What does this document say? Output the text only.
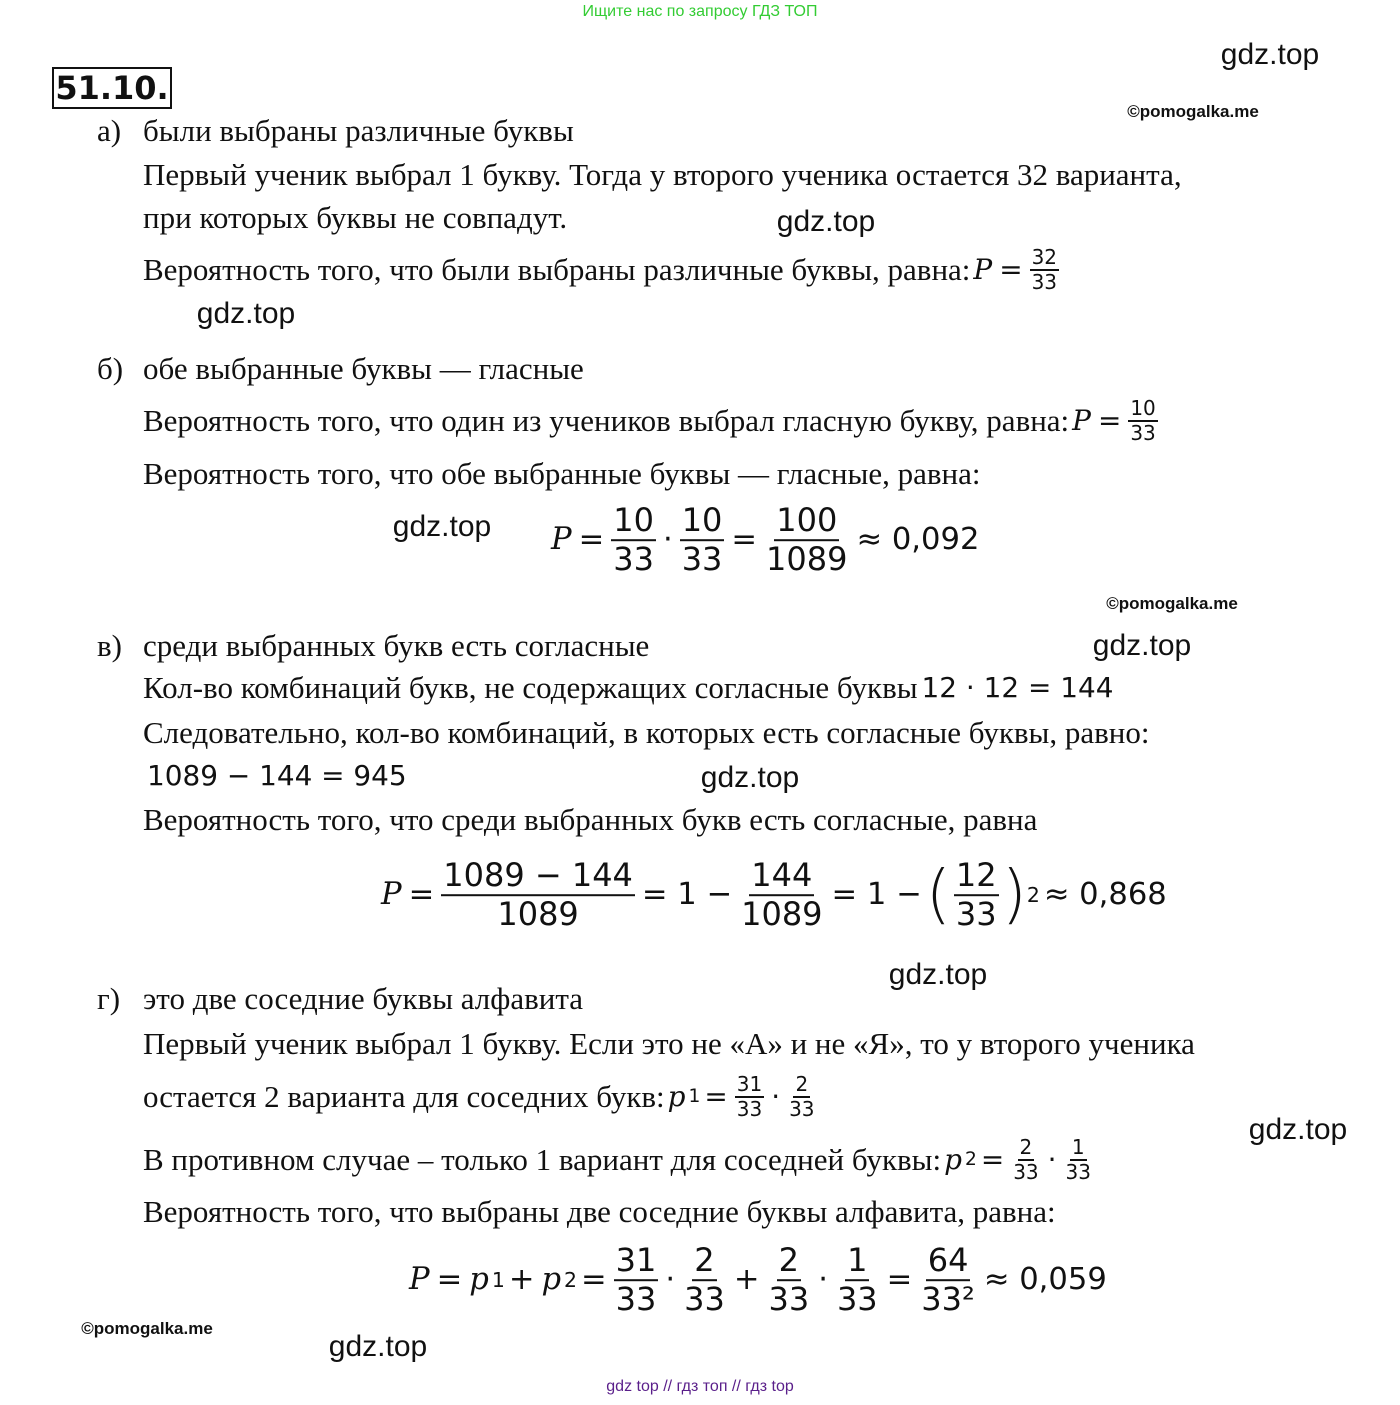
Ищите нас по запросу ГДЗ ТОП
51.10.
а)
б)
в)
г)
были выбраны различные буквы
Первый ученик выбрал 1 букву. Тогда у второго ученика остается 32 варианта,
при которых буквы не совпадут.
Вероятность того, что были выбраны различные буквы, равна: $P = \frac{32}{33}$
обе выбранные буквы — гласные
Вероятность того, что один из учеников выбрал гласную букву, равна: $P = \frac{10}{33}$
Вероятность того, что обе выбранные буквы — гласные, равна:
$P = \frac{10}{33} \cdot \frac{10}{33} = \frac{100}{1089} \approx 0,092$
среди выбранных букв есть согласные
Кол-во комбинаций букв, не содержащих согласные буквы 12 · 12 = 144
Следовательно, кол-во комбинаций, в которых есть согласные буквы, равно:
1089 − 144 = 945
Вероятность того, что среди выбранных букв есть согласные, равна
$P = \frac{1089 - 144}{1089} = 1 - \frac{144}{1089} = 1$ − ( $\frac{12}{33}$ ) 2 ≈ 0,868
это две соседние буквы алфавита
Первый ученик выбрал 1 букву. Если это не «А» и не «Я», то у второго ученика
остается 2 варианта для соседних букв: p $1 = \frac{31}{33} \cdot \frac{2}{33}$
В противном случае – только 1 вариант для соседней буквы: p $2 = \frac{2}{33} \cdot \frac{1}{33}$
Вероятность того, что выбраны две соседние буквы алфавита, равна:
P = p 1 + p $2 = \frac{31}{33} \cdot \frac{2}{33} + \frac{2}{33} \cdot \frac{1}{33} = \frac{64}{\text{33²}} \approx 0,059$
gdz.top
gdz.top
gdz.top
gdz.top
gdz.top
gdz.top
gdz.top
gdz.top
gdz.top
©pomogalka.me
©pomogalka.me
©pomogalka.me
gdz top // гдз топ // гдз top
